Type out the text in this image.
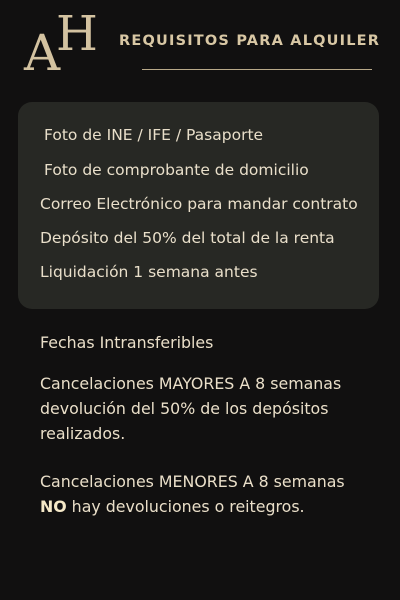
A
H REQUISITOS PARA ALQUILER
Foto de INE / IFE / Pasaporte
Foto de comprobante de domicilio
Correo Electrónico para mandar contrato
Depósito del 50% del total de la renta
Liquidación 1 semana antes

Fechas Intransferibles

Cancelaciones MAYORES A 8 semanas devolución del 50% de los depósitos realizados.

Cancelaciones MENORES A 8 semanas
NO hay devoluciones o reitegros.
